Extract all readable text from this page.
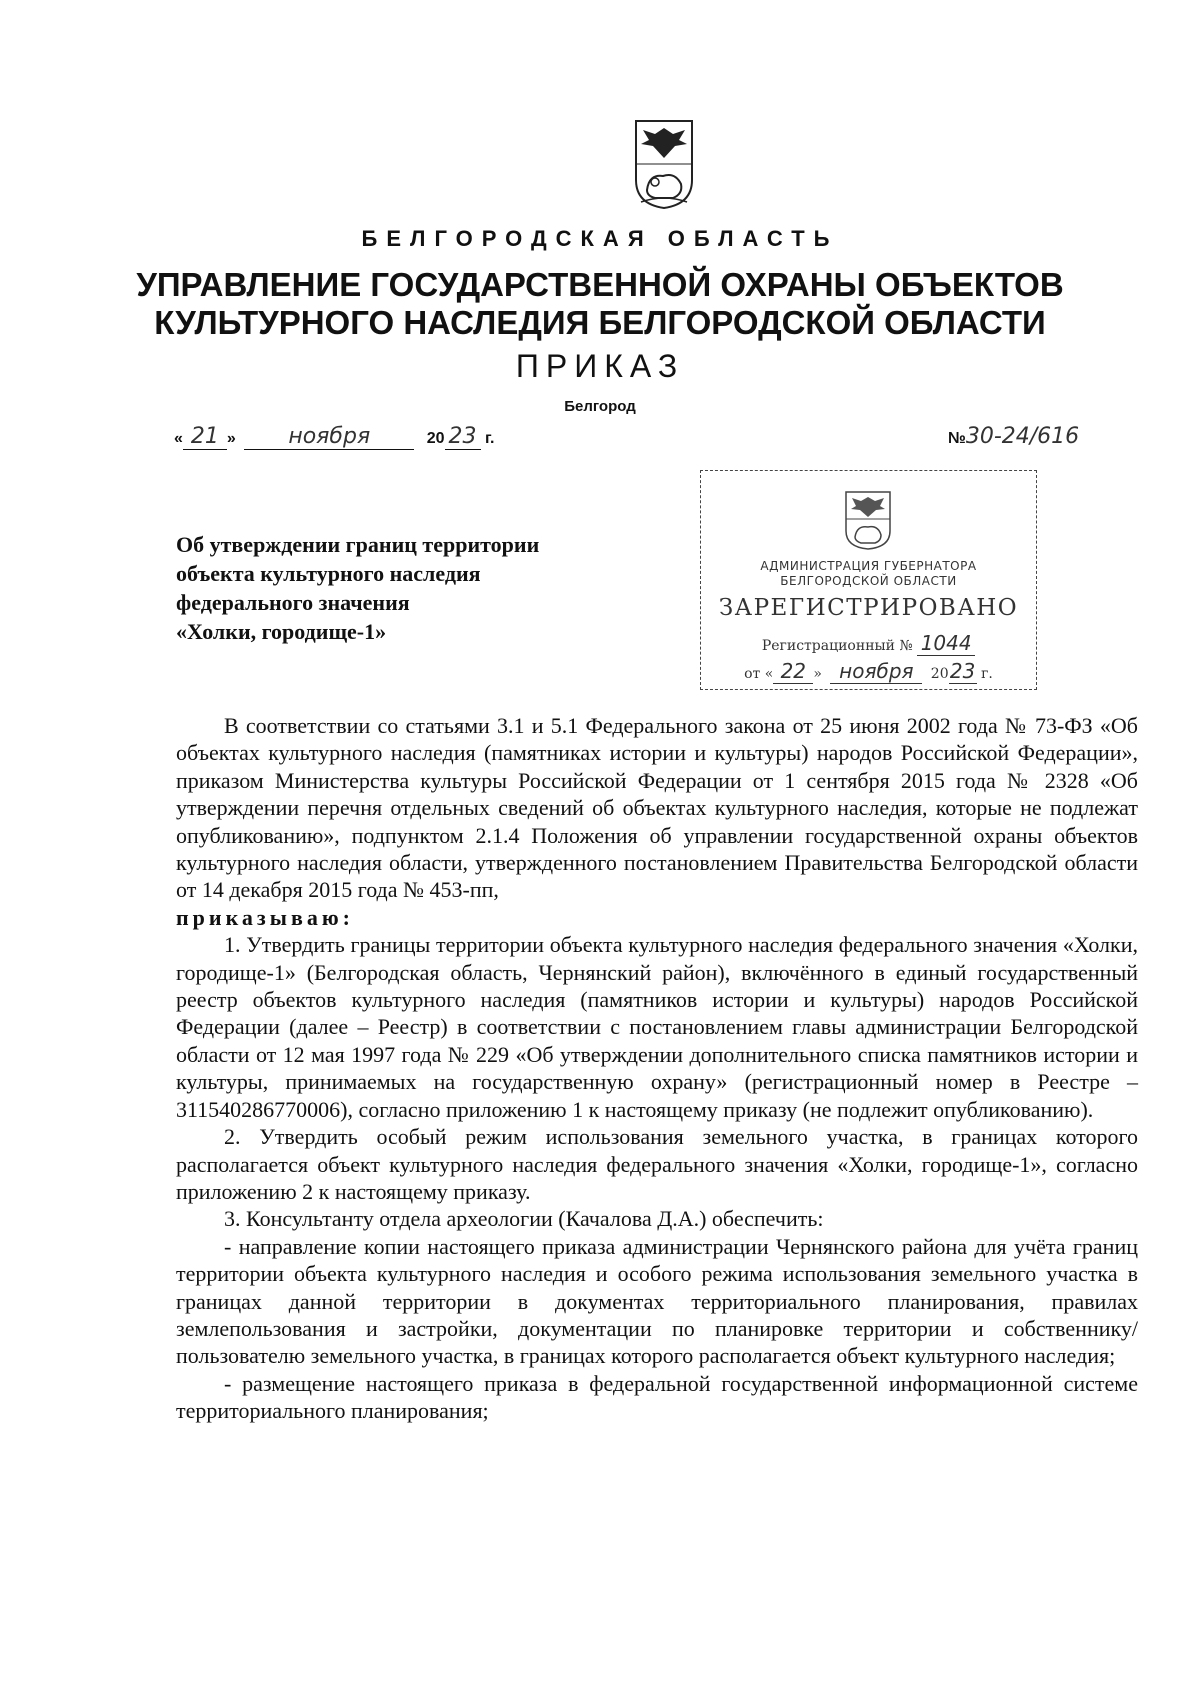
БЕЛГОРОДСКАЯ ОБЛАСТЬ
УПРАВЛЕНИЕ ГОСУДАРСТВЕННОЙ ОХРАНЫ ОБЪЕКТОВ
КУЛЬТУРНОГО НАСЛЕДИЯ БЕЛГОРОДСКОЙ ОБЛАСТИ
ПРИКАЗ
Белгород
« 21 » ноября	20 23 г.	№30-24/616
Об утверждении границ территории
объекта культурного наследия
федерального значения
«Холки, городище-1»
АДМИНИСТРАЦИЯ ГУБЕРНАТОРА
БЕЛГОРОДСКОЙ ОБЛАСТИ
ЗАРЕГИСТРИРОВАНО
Регистрационный № 1044
от « 22 » ноября 2023 г.

В соответствии со статьями 3.1 и 5.1 Федерального закона от 25 июня 2002 года № 73-ФЗ «Об объектах культурного наследия (памятниках истории и культуры) народов Российской Федерации», приказом Министерства культуры Российской Федерации от 1 сентября 2015 года № 2328 «Об утверждении перечня отдельных сведений об объектах культурного наследия, которые не подлежат опубликованию», подпунктом 2.1.4 Положения об управлении государственной охраны объектов культурного наследия области, утвержденного постановлением Правительства Белгородской области от 14 декабря 2015 года № 453-пп,

приказываю:

1. Утвердить границы территории объекта культурного наследия федерального значения «Холки, городище-1» (Белгородская область, Чернянский район), включённого в единый государственный реестр объектов культурного наследия (памятников истории и культуры) народов Российской Федерации (далее – Реестр) в соответствии с постановлением главы администрации Белгородской области от 12 мая 1997 года № 229 «Об утверждении дополнительного списка памятников истории и культуры, принимаемых на государственную охрану» (регистрационный номер в Реестре – 311540286770006), согласно приложению 1 к настоящему приказу (не подлежит опубликованию).

2. Утвердить особый режим использования земельного участка, в границах которого располагается объект культурного наследия федерального значения «Холки, городище-1», согласно приложению 2 к настоящему приказу.

3. Консультанту отдела археологии (Качалова Д.А.) обеспечить:

- направление копии настоящего приказа администрации Чернянского района для учёта границ территории объекта культурного наследия и особого режима использования земельного участка в границах данной территории в документах территориального планирования, правилах землепользования и застройки, документации по планировке территории и собственнику/пользователю земельного участка, в границах которого располагается объект культурного наследия;

- размещение настоящего приказа в федеральной государственной информационной системе территориального планирования;
